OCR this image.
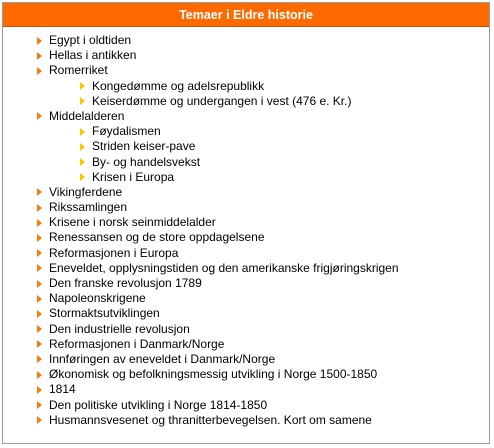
Temaer i Eldre historie
Egypt i oldtiden
Hellas i antikken
Romerriket
Kongedømme og adelsrepublikk
Keiserdømme og undergangen i vest (476 e. Kr.)
Middelalderen
Føydalismen
Striden keiser-pave
By- og handelsvekst
Krisen i Europa
Vikingferdene
Rikssamlingen
Krisene i norsk seinmiddelalder
Renessansen og de store oppdagelsene
Reformasjonen i Europa
Eneveldet, opplysningstiden og den amerikanske frigjøringskrigen
Den franske revolusjon 1789
Napoleonskrigene
Stormaktsutviklingen
Den industrielle revolusjon
Reformasjonen i Danmark/Norge
Innføringen av eneveldet i Danmark/Norge
Økonomisk og befolkningsmessig utvikling i Norge 1500-1850
1814
Den politiske utvikling i Norge 1814-1850
Husmannsvesenet og thranitterbevegelsen. Kort om samene
